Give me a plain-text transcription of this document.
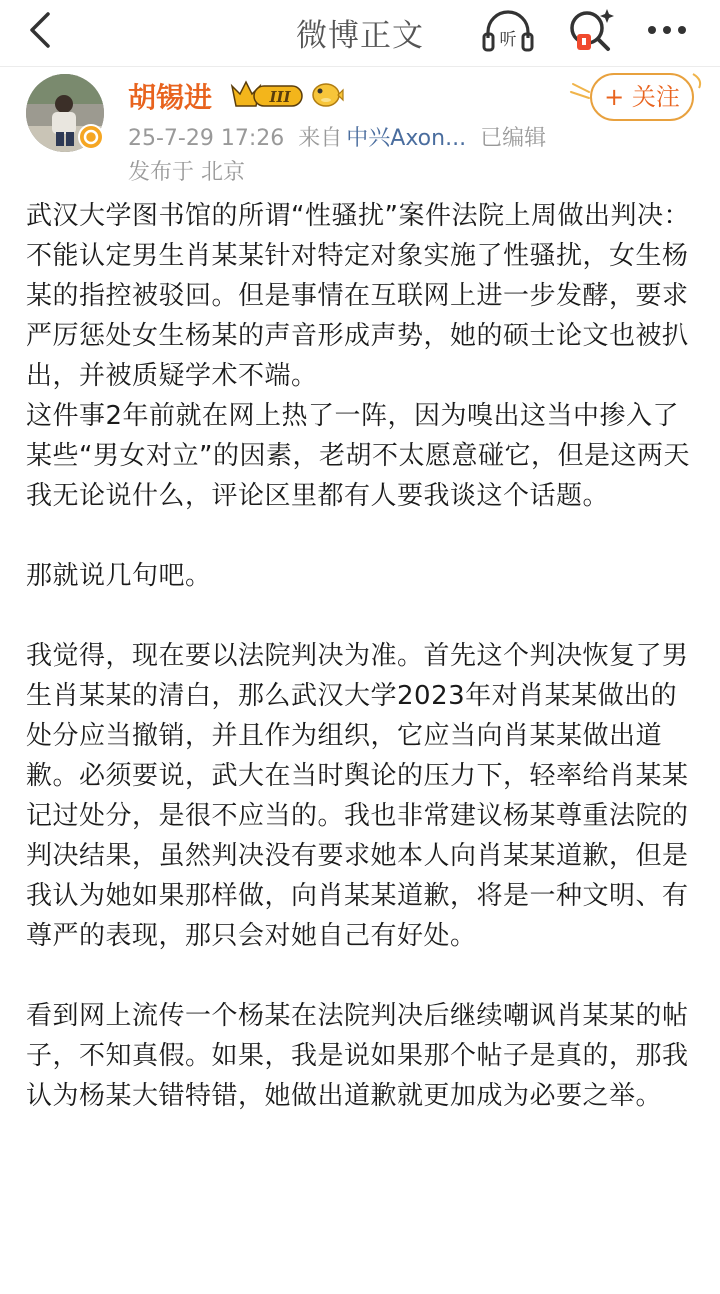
微博正文	听
胡锡进	III
25-7-29 17:26 来自 中兴Axon... 已编辑
发布于 北京
+ 关注

武汉大学图书馆的所谓“性骚扰”案件法院上周做出判决：不能认定男生肖某某针对特定对象实施了性骚扰，女生杨某的指控被驳回。但是事情在互联网上进一步发酵，要求严厉惩处女生杨某的声音形成声势，她的硕士论文也被扒出，并被质疑学术不端。

这件事2年前就在网上热了一阵，因为嗅出这当中掺入了某些“男女对立”的因素，老胡不太愿意碰它，但是这两天我无论说什么，评论区里都有人要我谈这个话题。

那就说几句吧。

我觉得，现在要以法院判决为准。首先这个判决恢复了男生肖某某的清白，那么武汉大学2023年对肖某某做出的处分应当撤销，并且作为组织，它应当向肖某某做出道歉。必须要说，武大在当时舆论的压力下，轻率给肖某某记过处分，是很不应当的。我也非常建议杨某尊重法院的判决结果，虽然判决没有要求她本人向肖某某道歉，但是我认为她如果那样做，向肖某某道歉，将是一种文明、有尊严的表现，那只会对她自己有好处。

看到网上流传一个杨某在法院判决后继续嘲讽肖某某的帖子，不知真假。如果，我是说如果那个帖子是真的，那我认为杨某大错特错，她做出道歉就更加成为必要之举。
